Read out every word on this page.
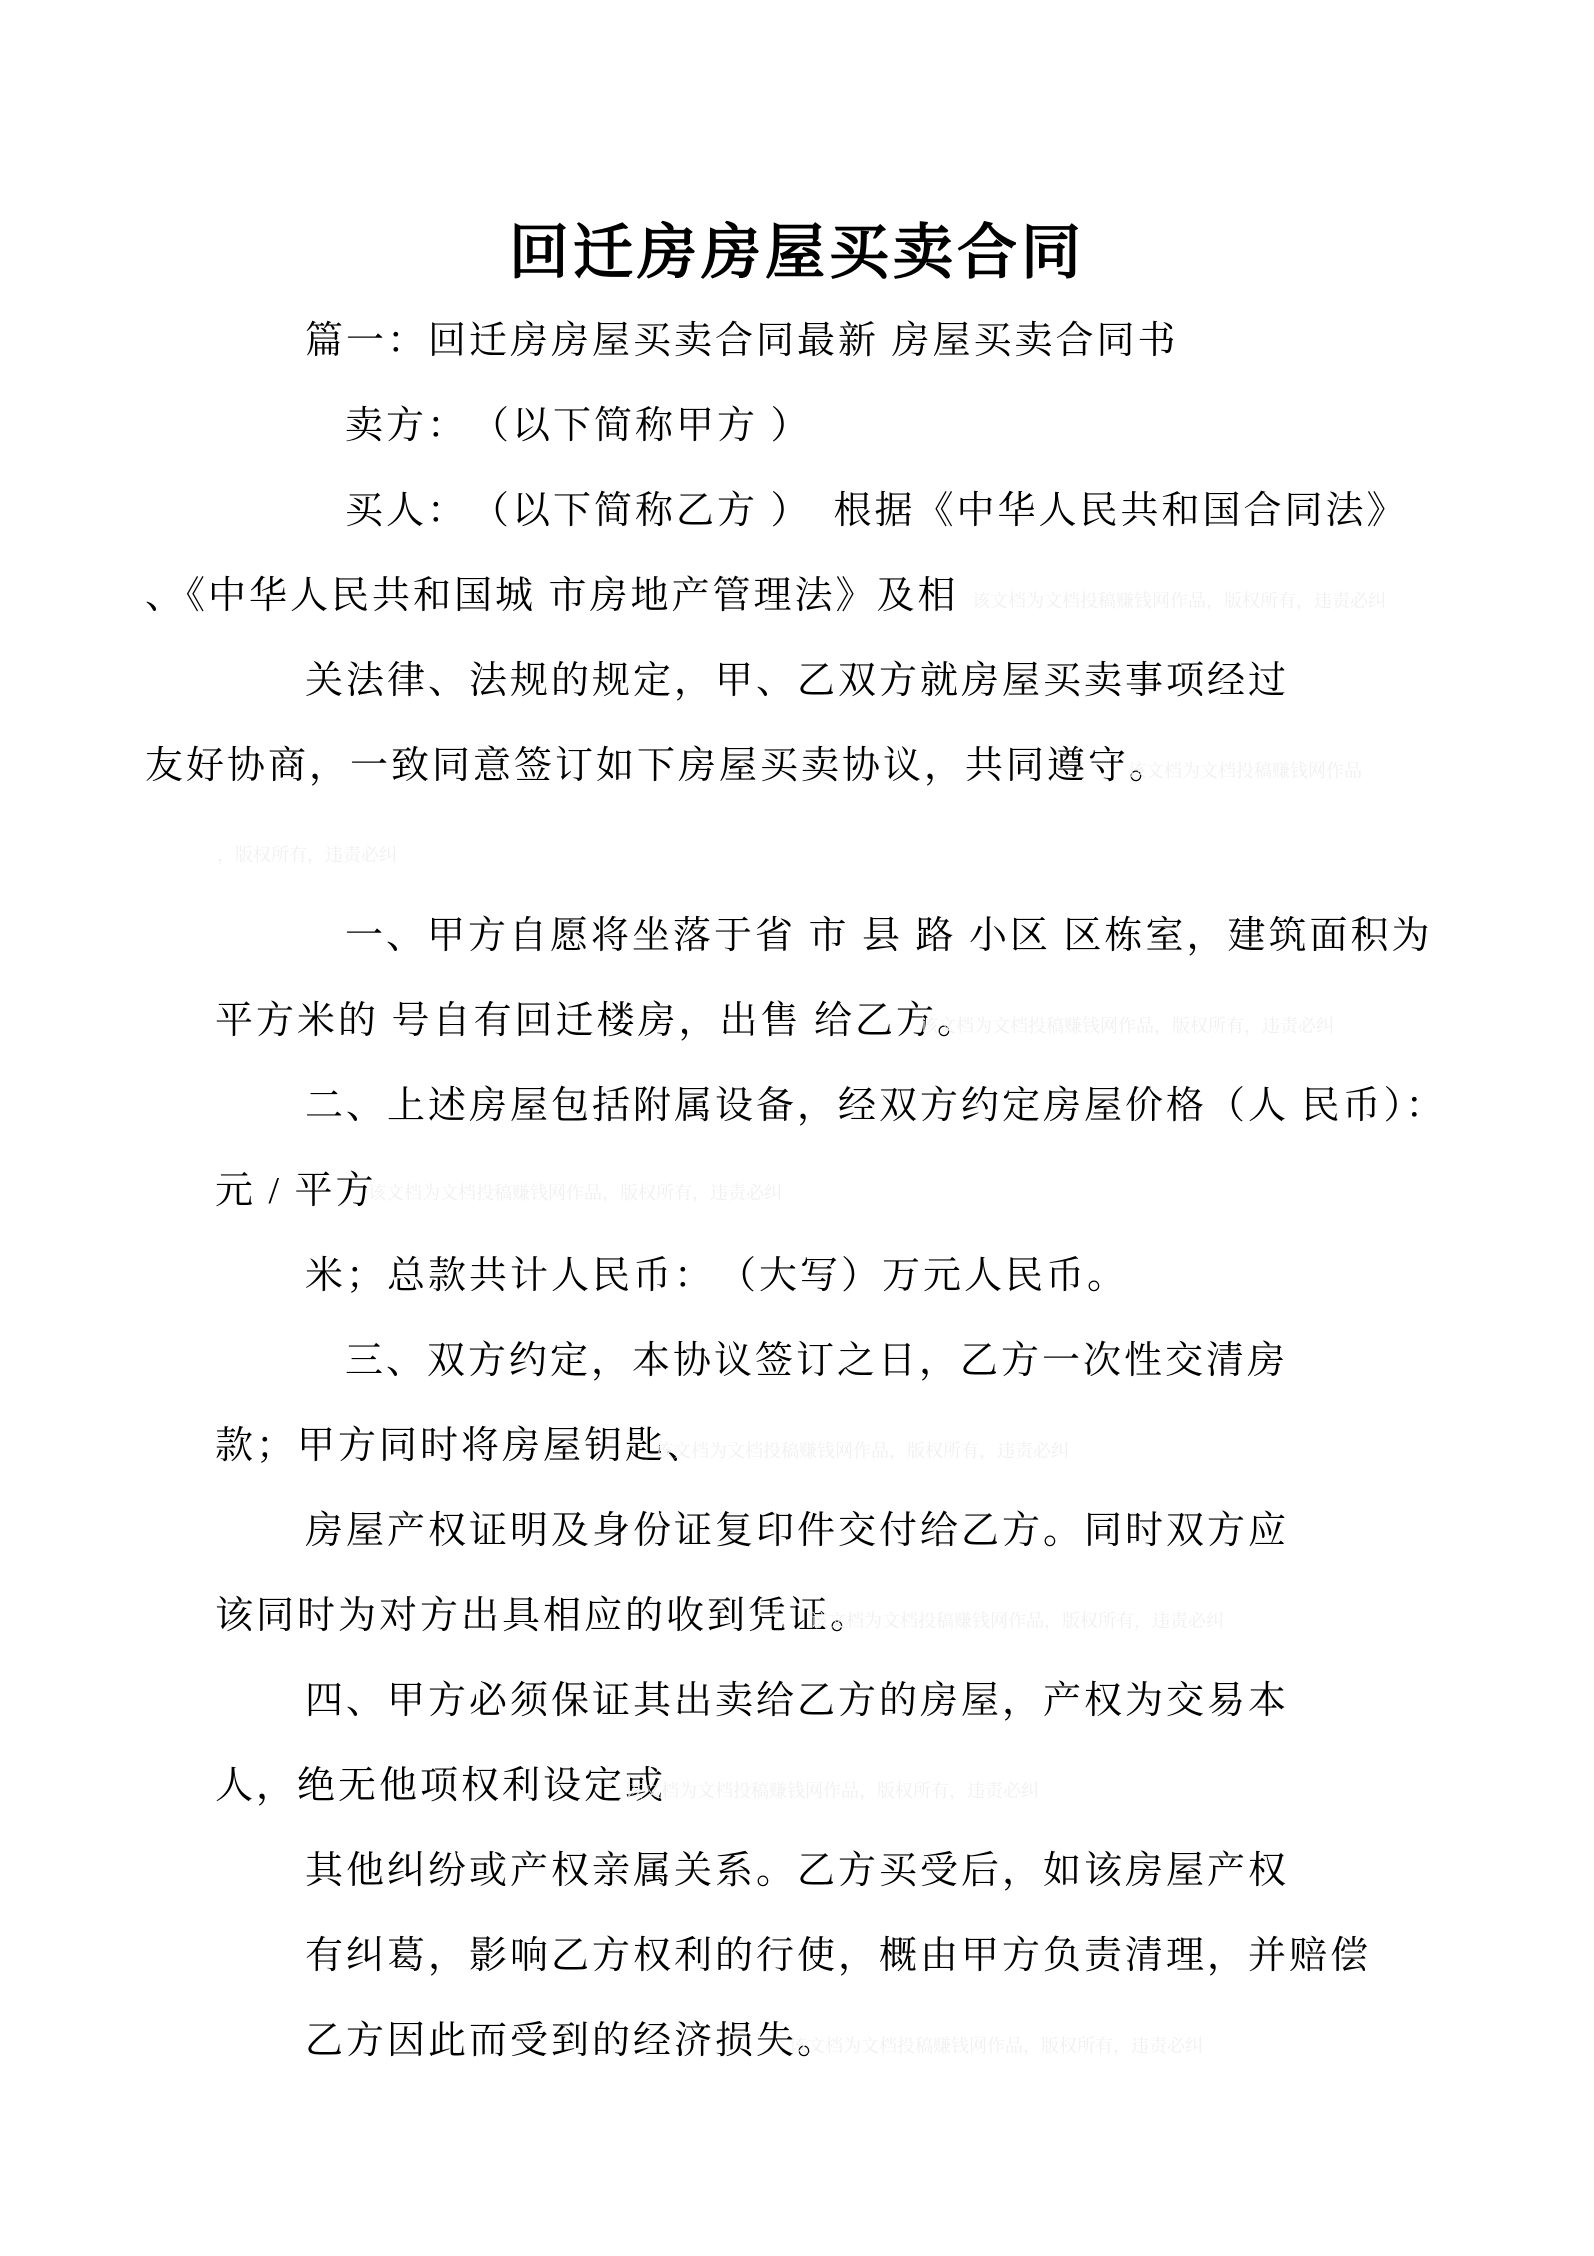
回迁房房屋买卖合同
篇一：回迁房房屋买卖合同最新 房屋买卖合同书
卖方：　（以下简称甲方 ）
买人：　（以下简称乙方 ）　根据《中华人民共和国合同法》
、《中华人民共和国城 市房地产管理法》及相 该文档为文档投稿赚钱网作品，版权所有，违责必纠
关法律、法规的规定，甲、乙双方就房屋买卖事项经过
友好协商，一致同意签订如下房屋买卖协议，共同遵守。
该文档为文档投稿赚钱网作品
，版权所有，违责必纠
一、甲方自愿将坐落于省 市 县 路 小区 区栋室，建筑面积为
平方米的 号自有回迁楼房，出售 给乙方。
该文档为文档投稿赚钱网作品，版权所有，违责必纠
二、上述房屋包括附属设备，经双方约定房屋价格（人 民币）：
元 / 平方
该文档为文档投稿赚钱网作品，版权所有，违责必纠
米；总款共计人民币：　（大写）万元人民币。
三、双方约定，本协议签订之日，乙方一次性交清房
款；甲方同时将房屋钥匙、
该文档为文档投稿赚钱网作品，版权所有，违责必纠
房屋产权证明及身份证复印件交付给乙方。同时双方应
该同时为对方出具相应的收到凭证。
该文档为文档投稿赚钱网作品，版权所有，违责必纠
四、甲方必须保证其出卖给乙方的房屋，产权为交易本
人，绝无他项权利设定或
该文档为文档投稿赚钱网作品，版权所有，违责必纠
其他纠纷或产权亲属关系。乙方买受后，如该房屋产权
有纠葛，影响乙方权利的行使，概由甲方负责清理，并赔偿
乙方因此而受到的经济损失。
该文档为文档投稿赚钱网作品，版权所有，违责必纠
